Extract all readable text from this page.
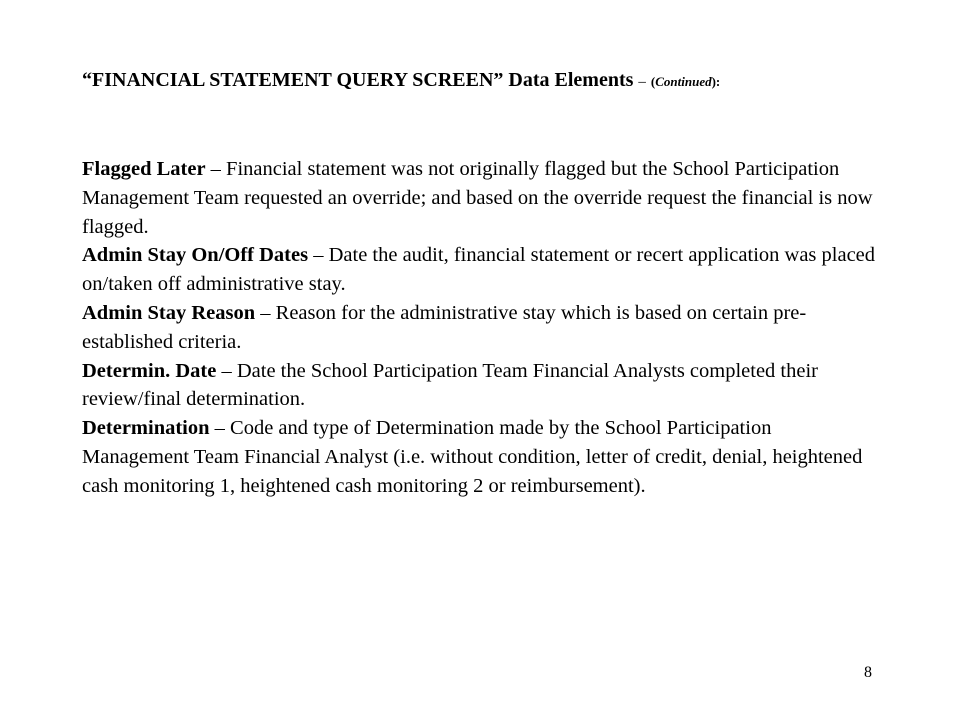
“FINANCIAL STATEMENT QUERY SCREEN” Data Elements – (Continued):

Flagged Later – Financial statement was not originally flagged but the School Participation Management Team requested an override; and based on the override request the financial is now flagged.

Admin Stay On/Off Dates – Date the audit, financial statement or recert application was placed on/taken off administrative stay.

Admin Stay Reason – Reason for the administrative stay which is based on certain pre-established criteria.

Determin. Date – Date the School Participation Team Financial Analysts completed their review/final determination.

Determination – Code and type of Determination made by the School Participation Management Team Financial Analyst (i.e. without condition, letter of credit, denial, heightened cash monitoring 1, heightened cash monitoring 2 or reimbursement).

8
